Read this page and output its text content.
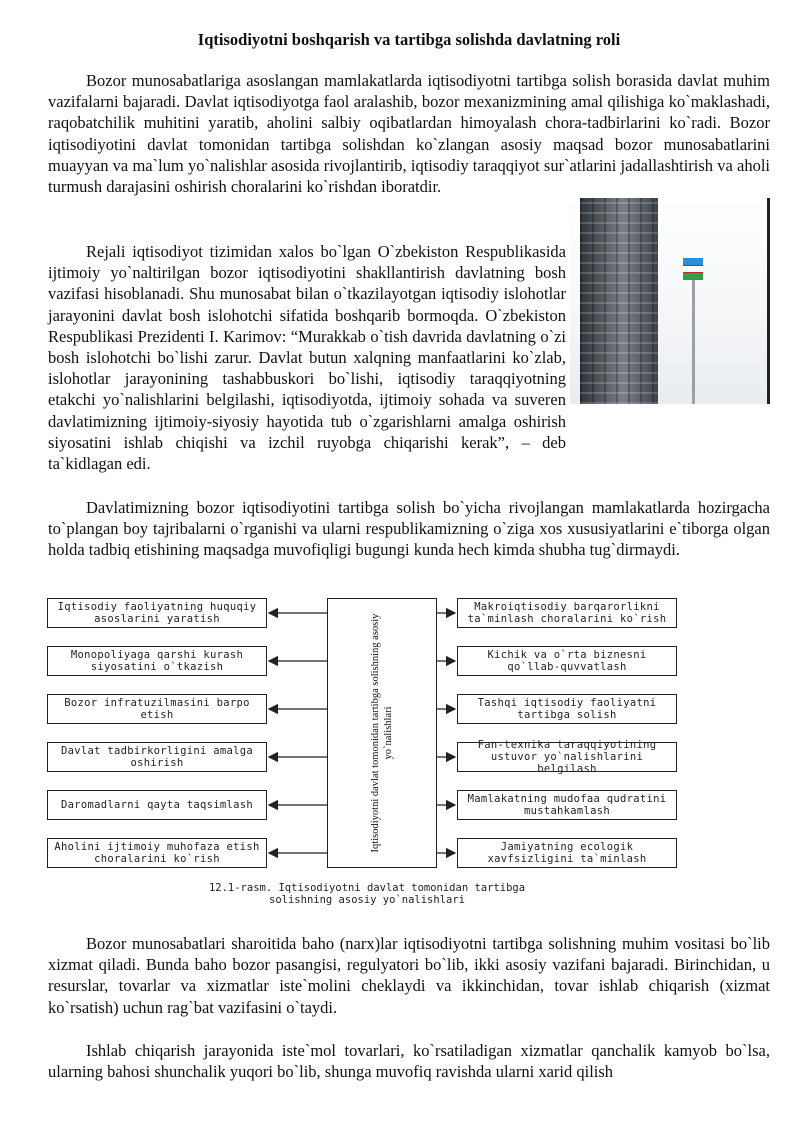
Iqtisodiyotni boshqarish va tartibga solishda davlatning roli

Bozor munosabatlariga asoslangan mamlakatlarda iqtisodiyotni tartibga solish borasida davlat muhim vazifalarni bajaradi. Davlat iqtisodiyotga faol aralashib, bozor mexanizmining amal qilishiga ko`maklashadi, raqobatchilik muhitini yaratib, aholini salbiy oqibatlardan himoyalash chora-tadbirlarini ko`radi. Bozor iqtisodiyotini davlat tomonidan tartibga solishdan ko`zlangan asosiy maqsad bozor munosabatlarini muayyan va ma`lum yo`nalishlar asosida rivojlantirib, iqtisodiy taraqqiyot sur`atlarini jadallashtirish va aholi turmush darajasini oshirish choralarini ko`rishdan iboratdir.

Rejali iqtisodiyot tizimidan xalos bo`lgan O`zbekiston Respublikasida ijtimoiy yo`naltirilgan bozor iqtisodiyotini shakllantirish davlatning bosh vazifasi hisoblanadi. Shu munosabat bilan o`tkazilayotgan iqtisodiy islohotlar jarayonini davlat bosh islohotchi sifatida boshqarib bormoqda. O`zbekiston Respublikasi Prezidenti I. Karimov: “Murakkab o`tish davrida davlatning o`zi bosh islohotchi bo`lishi zarur. Davlat butun xalqning manfaatlarini ko`zlab, islohotlar jarayonining tashabbuskori bo`lishi, iqtisodiy taraqqiyotning etakchi yo`nalishlarini belgilashi, iqtisodiyotda, ijtimoiy sohada va suveren davlatimizning ijtimoiy-siyosiy hayotida tub o`zgarishlarni amalga oshirish siyosatini ishlab chiqishi va izchil ruyobga chiqarishi kerak”, – deb ta`kidlagan edi.

Davlatimizning bozor iqtisodiyotini tartibga solish bo`yicha rivojlangan mamlakatlarda hozirgacha to`plangan boy tajribalarni o`rganishi va ularni respublikamizning o`ziga xos xususiyatlarini e`tiborga olgan holda tadbiq etishining maqsadga muvofiqligi bugungi kunda hech kimda shubha tug`dirmaydi.

Iqtisodiy faoliyatning huquqiy asoslarini yaratish
Monopoliyaga qarshi kurash siyosatini o`tkazish
Bozor infratuzilmasini barpo etish
Davlat tadbirkorligini amalga oshirish
Daromadlarni qayta taqsimlash
Aholini ijtimoiy muhofaza etish choralarini ko`rish
Iqtisodiyotni davlat tomonidan tartibga solishning asosiy yo`nalishlari
Makroiqtisodiy barqarorlikni ta`minlash choralarini ko`rish
Kichik va o`rta biznesni qo`llab-quvvatlash
Tashqi iqtisodiy faoliyatni tartibga solish
Fan-texnika taraqqiyotining ustuvor yo`nalishlarini belgilash
Mamlakatning mudofaa qudratini mustahkamlash
Jamiyatning ecologik xavfsizligini ta`minlash
12.1-rasm. Iqtisodiyotni davlat tomonidan tartibga solishning asosiy yo`nalishlari

Bozor munosabatlari sharoitida baho (narx)lar iqtisodiyotni tartibga solishning muhim vositasi bo`lib xizmat qiladi. Bunda baho bozor pasangisi, regulyatori bo`lib, ikki asosiy vazifani bajaradi. Birinchidan, u resurslar, tovarlar va xizmatlar iste`molini cheklaydi va ikkinchidan, tovar ishlab chiqarish (xizmat ko`rsatish) uchun rag`bat vazifasini o`taydi.

Ishlab chiqarish jarayonida iste`mol tovarlari, ko`rsatiladigan xizmatlar qanchalik kamyob bo`lsa, ularning bahosi shunchalik yuqori bo`lib, shunga muvofiq ravishda ularni xarid qilish
